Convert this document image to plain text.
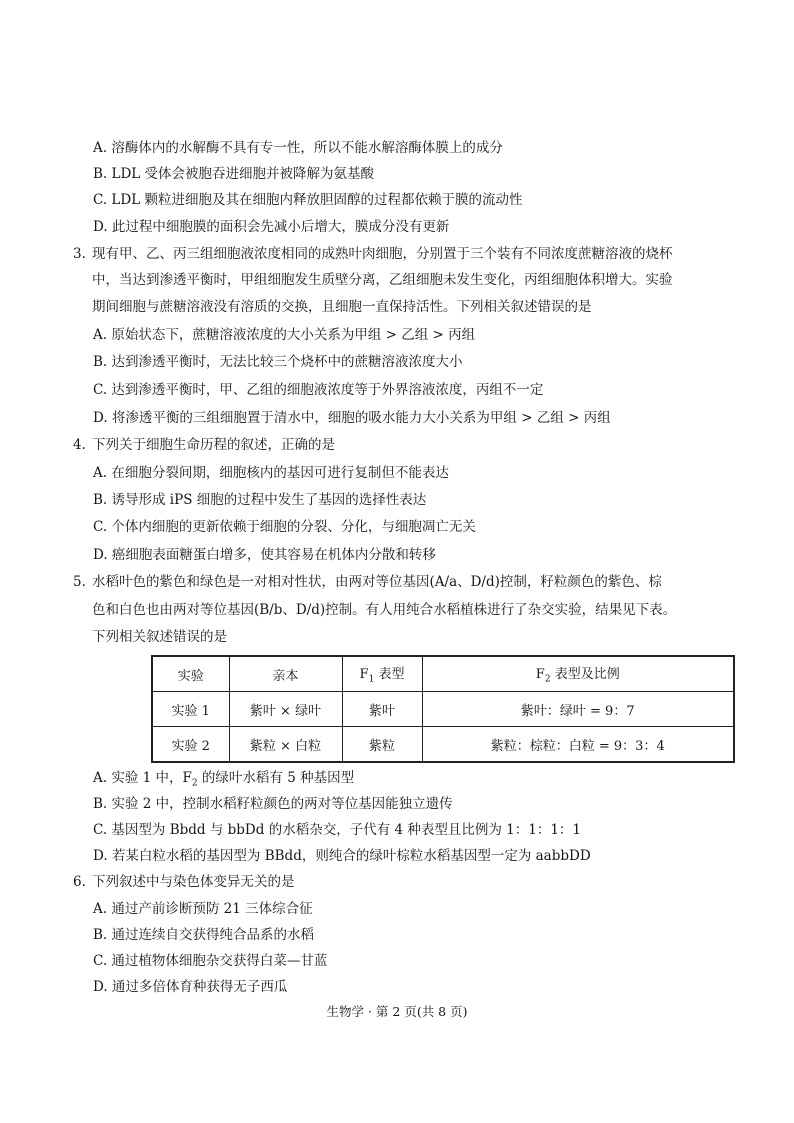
A. 溶酶体内的水解酶不具有专一性，所以不能水解溶酶体膜上的成分
B. LDL 受体会被胞吞进细胞并被降解为氨基酸
C. LDL 颗粒进细胞及其在细胞内释放胆固醇的过程都依赖于膜的流动性
D. 此过程中细胞膜的面积会先减小后增大，膜成分没有更新
3. 现有甲、乙、丙三组细胞液浓度相同的成熟叶肉细胞，分别置于三个装有不同浓度蔗糖溶液的烧杯
中，当达到渗透平衡时，甲组细胞发生质壁分离，乙组细胞未发生变化，丙组细胞体积增大。实验
期间细胞与蔗糖溶液没有溶质的交换，且细胞一直保持活性。下列相关叙述错误的是
A. 原始状态下，蔗糖溶液浓度的大小关系为甲组 > 乙组 > 丙组
B. 达到渗透平衡时，无法比较三个烧杯中的蔗糖溶液浓度大小
C. 达到渗透平衡时，甲、乙组的细胞液浓度等于外界溶液浓度，丙组不一定
D. 将渗透平衡的三组细胞置于清水中，细胞的吸水能力大小关系为甲组 > 乙组 > 丙组
4. 下列关于细胞生命历程的叙述，正确的是
A. 在细胞分裂间期，细胞核内的基因可进行复制但不能表达
B. 诱导形成 iPS 细胞的过程中发生了基因的选择性表达
C. 个体内细胞的更新依赖于细胞的分裂、分化，与细胞凋亡无关
D. 癌细胞表面糖蛋白增多，使其容易在机体内分散和转移
5. 水稻叶色的紫色和绿色是一对相对性状，由两对等位基因(A/a、D/d)控制，籽粒颜色的紫色、棕
色和白色也由两对等位基因(B/b、D/d)控制。有人用纯合水稻植株进行了杂交实验，结果见下表。
下列相关叙述错误的是
实验	亲本	$F_1$ 表型	$F_2$ 表型及比例
实验 1	紫叶 × 绿叶	紫叶	紫叶：绿叶 = 9：7
实验 2	紫粒 × 白粒	紫粒	紫粒：棕粒：白粒 = 9：3：4
A. 实验 1 中，$F_2$ 的绿叶水稻有 5 种基因型
B. 实验 2 中，控制水稻籽粒颜色的两对等位基因能独立遗传
C. 基因型为 Bbdd 与 bbDd 的水稻杂交，子代有 4 种表型且比例为 1：1：1：1
D. 若某白粒水稻的基因型为 BBdd，则纯合的绿叶棕粒水稻基因型一定为 aabbDD
6. 下列叙述中与染色体变异无关的是
A. 通过产前诊断预防 21 三体综合征
B. 通过连续自交获得纯合品系的水稻
C. 通过植物体细胞杂交获得白菜—甘蓝
D. 通过多倍体育种获得无子西瓜
生物学 · 第 2 页(共 8 页)
